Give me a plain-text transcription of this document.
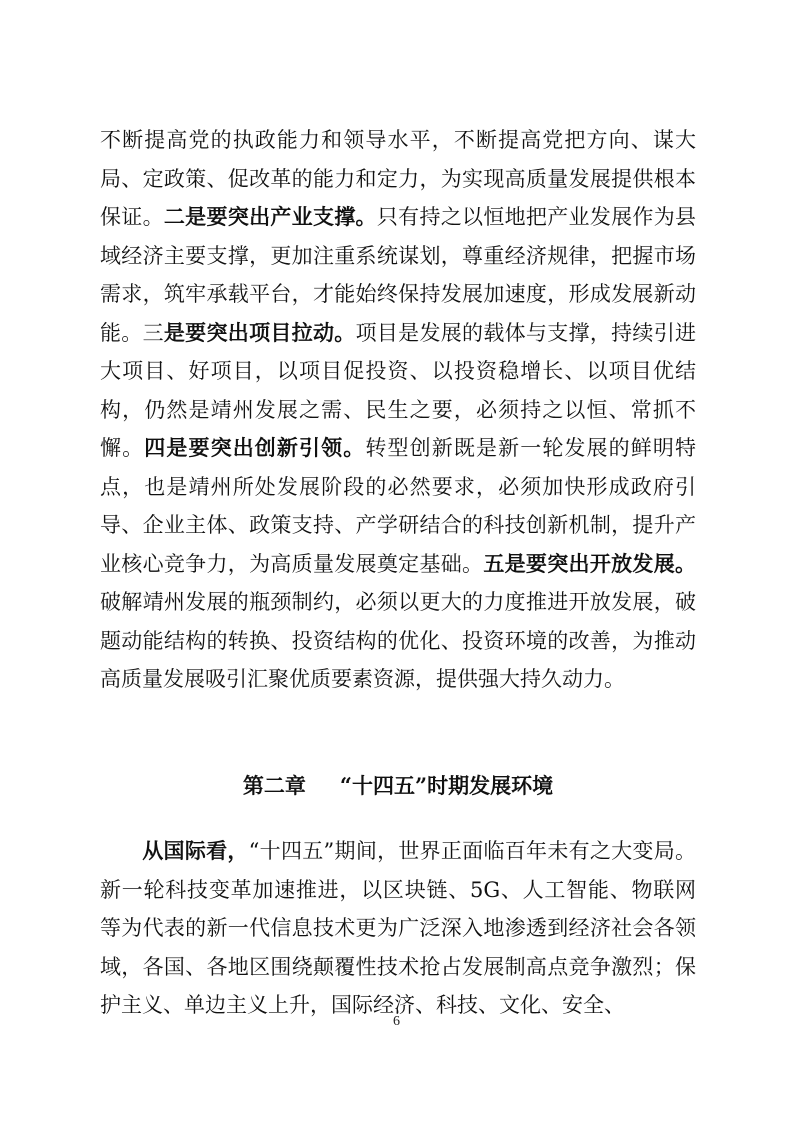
不断提高党的执政能力和领导水平，不断提高党把方向、谋大局、定政策、促改革的能力和定力，为实现高质量发展提供根本保证。二是要突出产业支撑。只有持之以恒地把产业发展作为县域经济主要支撑，更加注重系统谋划，尊重经济规律，把握市场需求，筑牢承载平台，才能始终保持发展加速度，形成发展新动能。三是要突出项目拉动。项目是发展的载体与支撑，持续引进大项目、好项目，以项目促投资、以投资稳增长、以项目优结构，仍然是靖州发展之需、民生之要，必须持之以恒、常抓不懈。四是要突出创新引领。转型创新既是新一轮发展的鲜明特点，也是靖州所处发展阶段的必然要求，必须加快形成政府引导、企业主体、政策支持、产学研结合的科技创新机制，提升产业核心竞争力，为高质量发展奠定基础。五是要突出开放发展。破解靖州发展的瓶颈制约，必须以更大的力度推进开放发展，破题动能结构的转换、投资结构的优化、投资环境的改善，为推动高质量发展吸引汇聚优质要素资源，提供强大持久动力。
第二章 “十四五”时期发展环境
从国际看，“十四五”期间，世界正面临百年未有之大变局。新一轮科技变革加速推进，以区块链、5G、人工智能、物联网等为代表的新一代信息技术更为广泛深入地渗透到经济社会各领域，各国、各地区围绕颠覆性技术抢占发展制高点竞争激烈；保护主义、单边主义上升，国际经济、科技、文化、安全、
6
